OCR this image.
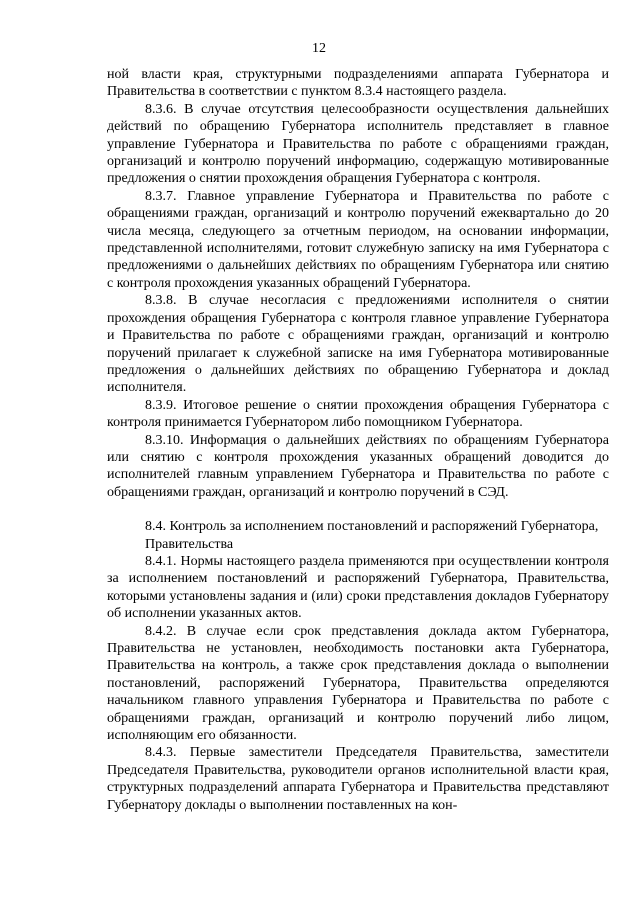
12

ной власти края, структурными подразделениями аппарата Губернатора и Правительства в соответствии с пунктом 8.3.4 настоящего раздела.

8.3.6. В случае отсутствия целесообразности осуществления дальнейших действий по обращению Губернатора исполнитель представляет в главное управление Губернатора и Правительства по работе с обращениями граждан, организаций и контролю поручений информацию, содержащую мотивированные предложения о снятии прохождения обращения Губернатора с контроля.

8.3.7. Главное управление Губернатора и Правительства по работе с обращениями граждан, организаций и контролю поручений ежеквартально до 20 числа месяца, следующего за отчетным периодом, на основании информации, представленной исполнителями, готовит служебную записку на имя Губернатора с предложениями о дальнейших действиях по обращениям Губернатора или снятию с контроля прохождения указанных обращений Губернатора.

8.3.8. В случае несогласия с предложениями исполнителя о снятии прохождения обращения Губернатора с контроля главное управление Губернатора и Правительства по работе с обращениями граждан, организаций и контролю поручений прилагает к служебной записке на имя Губернатора мотивированные предложения о дальнейших действиях по обращению Губернатора и доклад исполнителя.

8.3.9. Итоговое решение о снятии прохождения обращения Губернатора с контроля принимается Губернатором либо помощником Губернатора.

8.3.10. Информация о дальнейших действиях по обращениям Губернатора или снятию с контроля прохождения указанных обращений доводится до исполнителей главным управлением Губернатора и Правительства по работе с обращениями граждан, организаций и контролю поручений в СЭД.

8.4. Контроль за исполнением постановлений и распоряжений Губернатора, Правительства

8.4.1. Нормы настоящего раздела применяются при осуществлении контроля за исполнением постановлений и распоряжений Губернатора, Правительства, которыми установлены задания и (или) сроки представления докладов Губернатору об исполнении указанных актов.

8.4.2. В случае если срок представления доклада актом Губернатора, Правительства не установлен, необходимость постановки акта Губернатора, Правительства на контроль, а также срок представления доклада о выполнении постановлений, распоряжений Губернатора, Правительства определяются начальником главного управления Губернатора и Правительства по работе с обращениями граждан, организаций и контролю поручений либо лицом, исполняющим его обязанности.

8.4.3. Первые заместители Председателя Правительства, заместители Председателя Правительства, руководители органов исполнительной власти края, структурных подразделений аппарата Губернатора и Правительства представляют Губернатору доклады о выполнении поставленных на кон-
